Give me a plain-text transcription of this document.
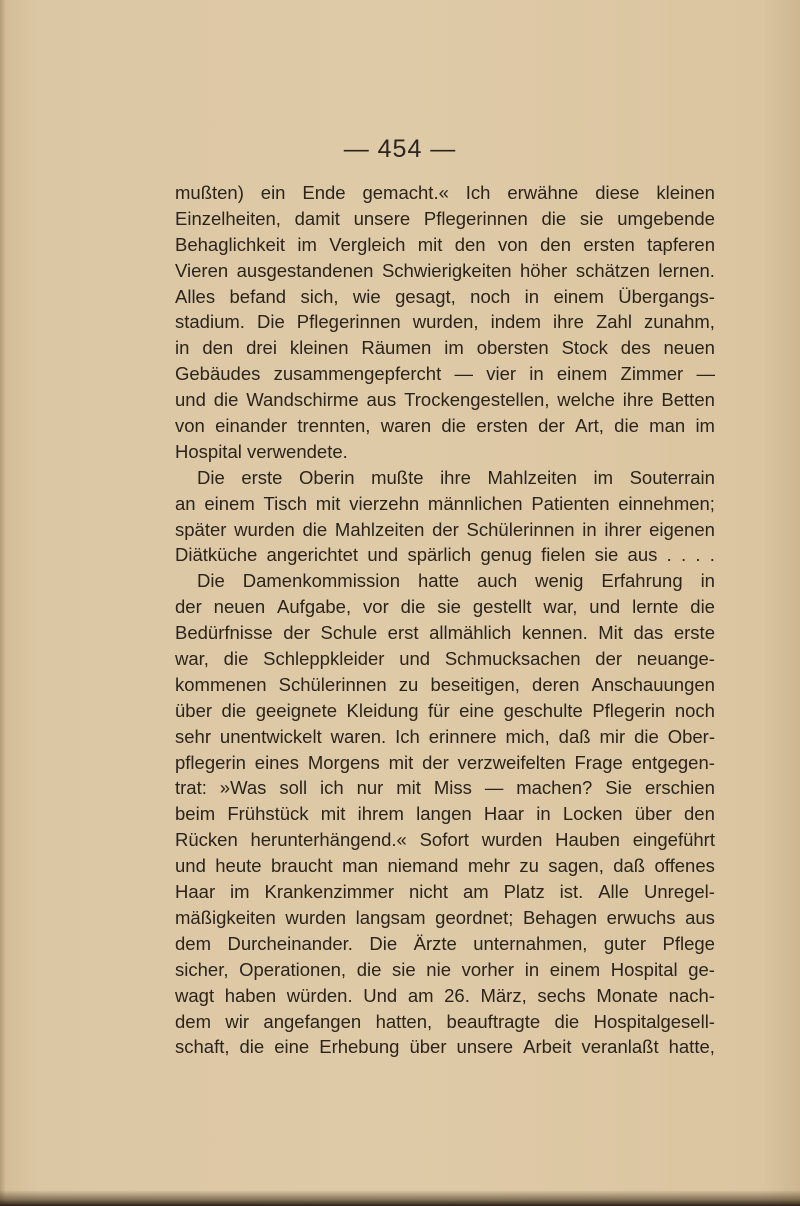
— 454 —
mußten) ein Ende gemacht.« Ich erwähne diese kleinen
Einzelheiten, damit unsere Pflegerinnen die sie umgebende
Behaglichkeit im Vergleich mit den von den ersten tapferen
Vieren ausgestandenen Schwierigkeiten höher schätzen lernen.
Alles befand sich, wie gesagt, noch in einem Übergangs-
stadium. Die Pflegerinnen wurden, indem ihre Zahl zunahm,
in den drei kleinen Räumen im obersten Stock des neuen
Gebäudes zusammengepfercht — vier in einem Zimmer —
und die Wandschirme aus Trockengestellen, welche ihre Betten
von einander trennten, waren die ersten der Art, die man im
Hospital verwendete.
Die erste Oberin mußte ihre Mahlzeiten im Souterrain
an einem Tisch mit vierzehn männlichen Patienten einnehmen;
später wurden die Mahlzeiten der Schülerinnen in ihrer eigenen
Diätküche angerichtet und spärlich genug fielen sie aus . . . .
Die Damenkommission hatte auch wenig Erfahrung in
der neuen Aufgabe, vor die sie gestellt war, und lernte die
Bedürfnisse der Schule erst allmählich kennen. Mit das erste
war, die Schleppkleider und Schmucksachen der neuange-
kommenen Schülerinnen zu beseitigen, deren Anschauungen
über die geeignete Kleidung für eine geschulte Pflegerin noch
sehr unentwickelt waren. Ich erinnere mich, daß mir die Ober-
pflegerin eines Morgens mit der verzweifelten Frage entgegen-
trat: »Was soll ich nur mit Miss — machen? Sie erschien
beim Frühstück mit ihrem langen Haar in Locken über den
Rücken herunterhängend.« Sofort wurden Hauben eingeführt
und heute braucht man niemand mehr zu sagen, daß offenes
Haar im Krankenzimmer nicht am Platz ist. Alle Unregel-
mäßigkeiten wurden langsam geordnet; Behagen erwuchs aus
dem Durcheinander. Die Ärzte unternahmen, guter Pflege
sicher, Operationen, die sie nie vorher in einem Hospital ge-
wagt haben würden. Und am 26. März, sechs Monate nach-
dem wir angefangen hatten, beauftragte die Hospitalgesell-
schaft, die eine Erhebung über unsere Arbeit veranlaßt hatte,
